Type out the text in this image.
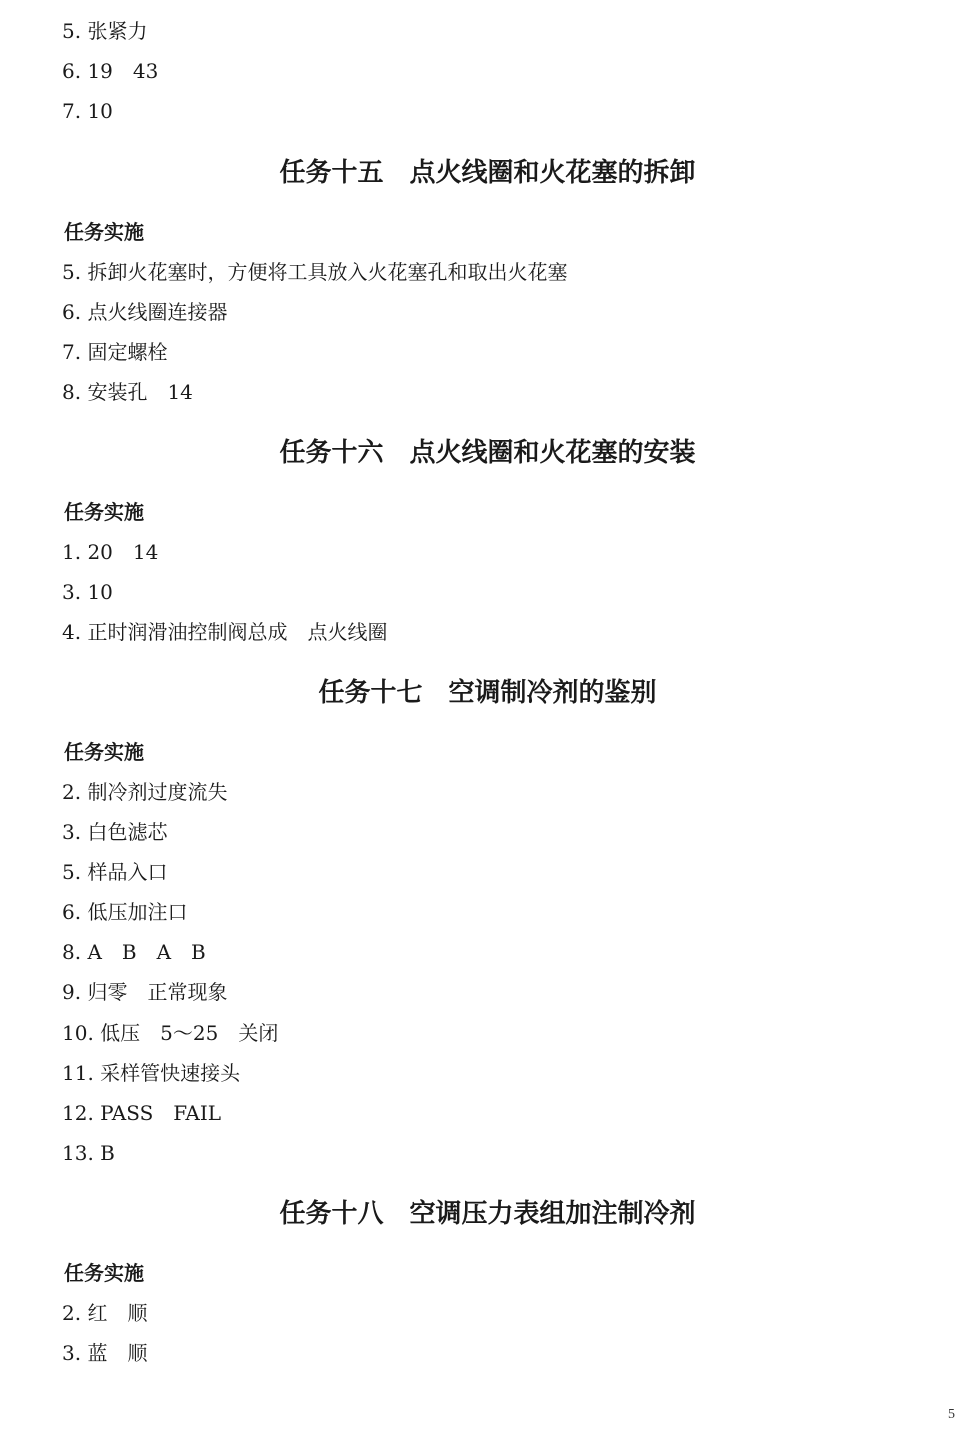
5. 张紧力
6. 19　43
7. 10
任务十五　点火线圈和火花塞的拆卸
任务实施
5. 拆卸火花塞时，方便将工具放入火花塞孔和取出火花塞
6. 点火线圈连接器
7. 固定螺栓
8. 安装孔　14
任务十六　点火线圈和火花塞的安装
任务实施
1. 20　14
3. 10
4. 正时润滑油控制阀总成　点火线圈
任务十七　空调制冷剂的鉴别
任务实施
2. 制冷剂过度流失
3. 白色滤芯
5. 样品入口
6. 低压加注口
8. A　B　A　B
9. 归零　正常现象
10. 低压　5～25　关闭
11. 采样管快速接头
12. PASS　FAIL
13. B
任务十八　空调压力表组加注制冷剂
任务实施
2. 红　顺
3. 蓝　顺
5
